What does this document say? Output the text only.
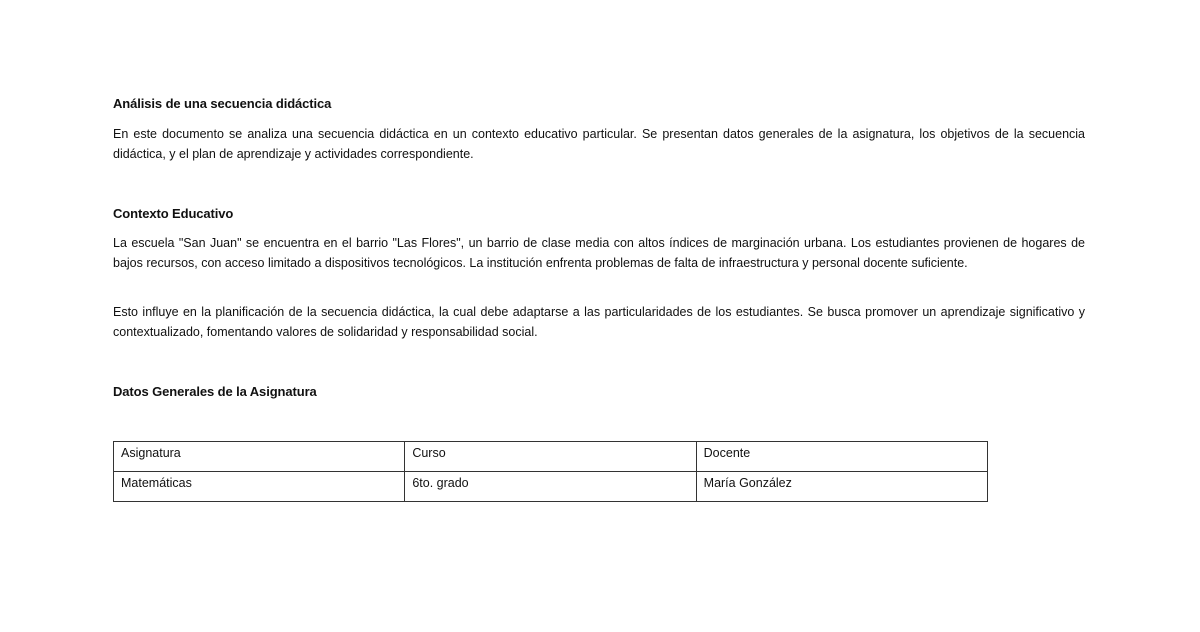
Análisis de una secuencia didáctica

En este documento se analiza una secuencia didáctica en un contexto educativo particular. Se presentan datos generales de la asignatura, los objetivos de la secuencia didáctica, y el plan de aprendizaje y actividades correspondiente.

Contexto Educativo

La escuela "San Juan" se encuentra en el barrio "Las Flores", un barrio de clase media con altos índices de marginación urbana. Los estudiantes provienen de hogares de bajos recursos, con acceso limitado a dispositivos tecnológicos. La institución enfrenta problemas de falta de infraestructura y personal docente suficiente.

Esto influye en la planificación de la secuencia didáctica, la cual debe adaptarse a las particularidades de los estudiantes. Se busca promover un aprendizaje significativo y contextualizado, fomentando valores de solidaridad y responsabilidad social.

Datos Generales de la Asignatura
Asignatura	Curso	Docente
Matemáticas	6to. grado	María González
